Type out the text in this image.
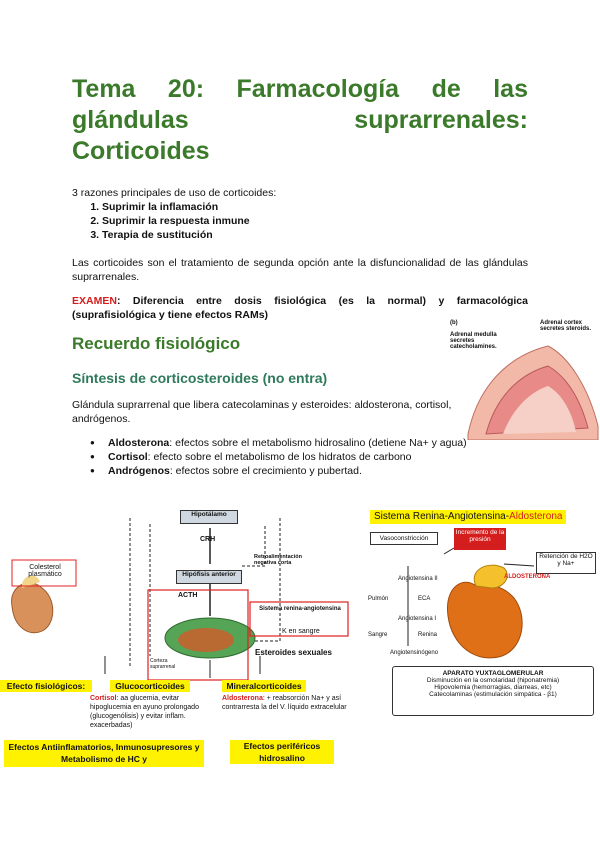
Tema 20: Farmacología de las
glándulas	suprarrenales:
Corticoides
3 razones principales de uso de corticoides:
1. Suprimir la inflamación
2. Suprimir la respuesta inmune
3. Terapia de sustitución
Las corticoides son el tratamiento de segunda opción ante la disfuncionalidad de las glándulas suprarrenales.
EXAMEN: Diferencia entre dosis fisiológica (es la normal) y farmacológica (suprafisiológica y tiene efectos RAMs)
Recuerdo fisiológico
Síntesis de corticosteroides (no entra)
Glándula suprarrenal que libera catecolaminas y esteroides: aldosterona, cortisol, andrógenos.
● Aldosterona: efectos sobre el metabolismo hidrosalino (detiene Na+ y agua)
● Cortisol: efecto sobre el metabolismo de los hidratos de carbono
● Andrógenos: efectos sobre el crecimiento y pubertad.
(b)
Adrenal medulla secretes catecholamines.
Adrenal cortex secretes steroids.
Hipotálamo
CRH
Retroalimentación negativa corta
Hipófisis anterior
ACTH
Colesterol plasmático
Sistema renina-angiotensina
K en sangre
Corteza suprarrenal
Esteroides sexuales
Efecto fisiológicos:	Glucocorticoides	Mineralcorticoides
Cortisol: aa glucemia, evitar hipoglucemia en ayuno prolongado (glucogenólisis) y evitar inflam. exacerbadas)
Aldosterona: + reabsorción Na+ y así contrarresta la del V. líquido extracelular
Efectos Antiinflamatorios, Inmunosupresores y Metabolismo de HC y
Efectos periféricos hidrosalino
Sistema Renina-Angiotensina-Aldosterona
Vasoconstricción
Incremento de la presión
Retención de H2O y Na+
Angiotensina II
Pulmón	ECA
Angiotensina I
Sangre	Renina
Angiotensinógeno
ALDOSTERONA
APARATO YUXTAGLOMERULAR
Disminución en la osmolaridad (hiponatremia)
Hipovolemia (hemorragias, diarreas, etc)
Catecolaminas (estimulación simpática - β1)
